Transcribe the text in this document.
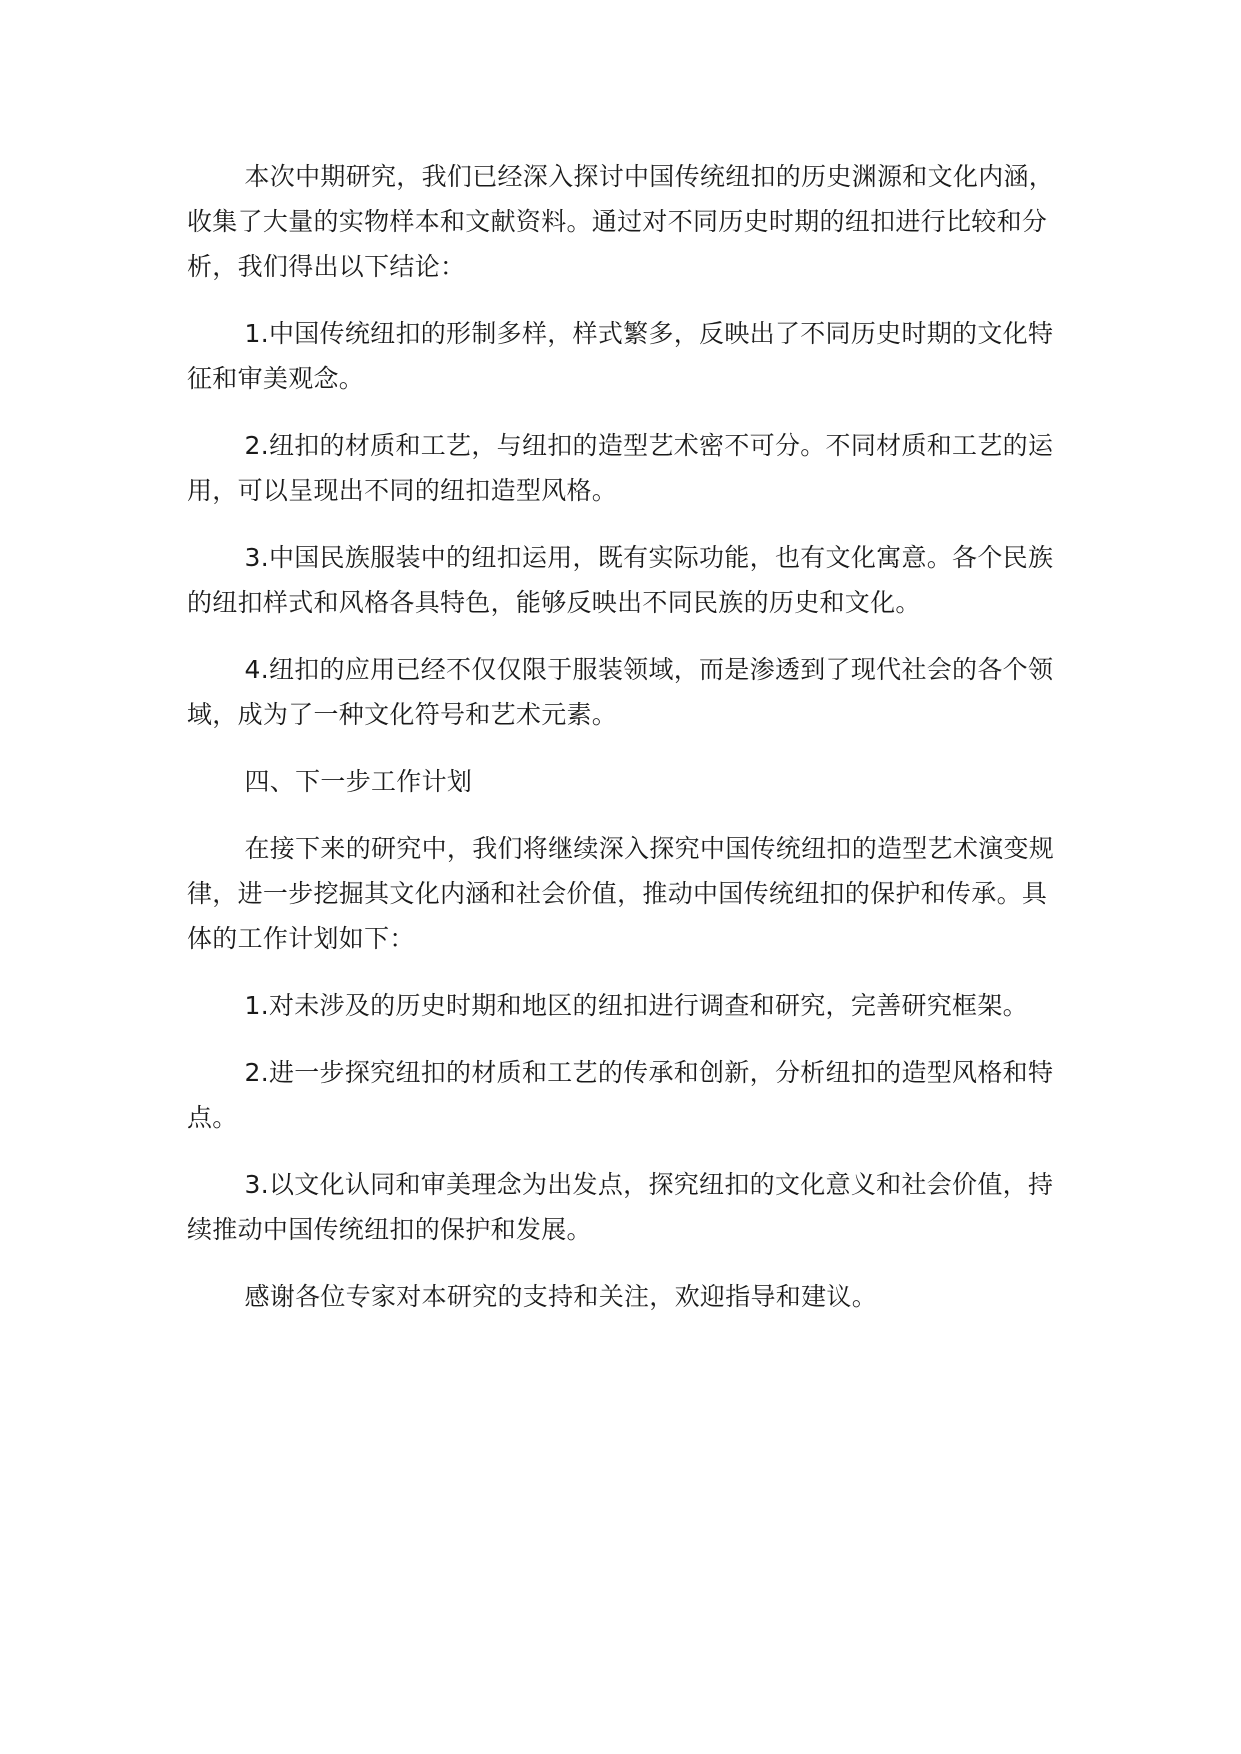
本次中期研究，我们已经深入探讨中国传统纽扣的历史渊源和文化内涵，收集了大量的实物样本和文献资料。通过对不同历史时期的纽扣进行比较和分析，我们得出以下结论：

1.中国传统纽扣的形制多样，样式繁多，反映出了不同历史时期的文化特征和审美观念。

2.纽扣的材质和工艺，与纽扣的造型艺术密不可分。不同材质和工艺的运用，可以呈现出不同的纽扣造型风格。

3.中国民族服装中的纽扣运用，既有实际功能，也有文化寓意。各个民族的纽扣样式和风格各具特色，能够反映出不同民族的历史和文化。

4.纽扣的应用已经不仅仅限于服装领域，而是渗透到了现代社会的各个领域，成为了一种文化符号和艺术元素。

四、下一步工作计划

在接下来的研究中，我们将继续深入探究中国传统纽扣的造型艺术演变规律，进一步挖掘其文化内涵和社会价值，推动中国传统纽扣的保护和传承。具体的工作计划如下：

1.对未涉及的历史时期和地区的纽扣进行调查和研究，完善研究框架。

2.进一步探究纽扣的材质和工艺的传承和创新，分析纽扣的造型风格和特点。

3.以文化认同和审美理念为出发点，探究纽扣的文化意义和社会价值，持续推动中国传统纽扣的保护和发展。

感谢各位专家对本研究的支持和关注，欢迎指导和建议。
